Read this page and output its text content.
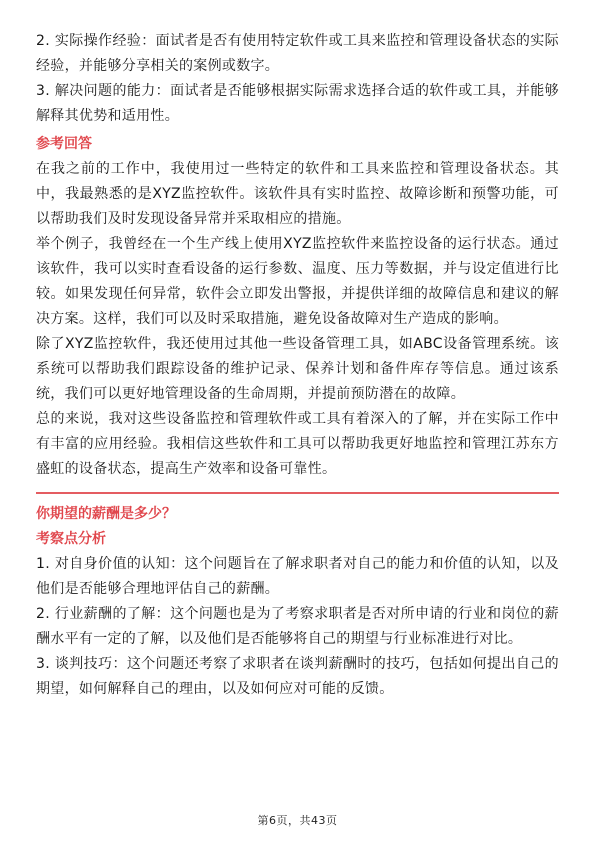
2. 实际操作经验：面试者是否有使用特定软件或工具来监控和管理设备状态的实际经验，并能够分享相关的案例或数字。

3. 解决问题的能力：面试者是否能够根据实际需求选择合适的软件或工具，并能够解释其优势和适用性。

参考回答

在我之前的工作中，我使用过一些特定的软件和工具来监控和管理设备状态。其中，我最熟悉的是XYZ监控软件。该软件具有实时监控、故障诊断和预警功能，可以帮助我们及时发现设备异常并采取相应的措施。

举个例子，我曾经在一个生产线上使用XYZ监控软件来监控设备的运行状态。通过该软件，我可以实时查看设备的运行参数、温度、压力等数据，并与设定值进行比较。如果发现任何异常，软件会立即发出警报，并提供详细的故障信息和建议的解决方案。这样，我们可以及时采取措施，避免设备故障对生产造成的影响。

除了XYZ监控软件，我还使用过其他一些设备管理工具，如ABC设备管理系统。该系统可以帮助我们跟踪设备的维护记录、保养计划和备件库存等信息。通过该系统，我们可以更好地管理设备的生命周期，并提前预防潜在的故障。

总的来说，我对这些设备监控和管理软件或工具有着深入的了解，并在实际工作中有丰富的应用经验。我相信这些软件和工具可以帮助我更好地监控和管理江苏东方盛虹的设备状态，提高生产效率和设备可靠性。

你期望的薪酬是多少？

考察点分析

1. 对自身价值的认知：这个问题旨在了解求职者对自己的能力和价值的认知，以及他们是否能够合理地评估自己的薪酬。

2. 行业薪酬的了解：这个问题也是为了考察求职者是否对所申请的行业和岗位的薪酬水平有一定的了解，以及他们是否能够将自己的期望与行业标准进行对比。

3. 谈判技巧：这个问题还考察了求职者在谈判薪酬时的技巧，包括如何提出自己的期望，如何解释自己的理由，以及如何应对可能的反馈。

第6页，共43页
